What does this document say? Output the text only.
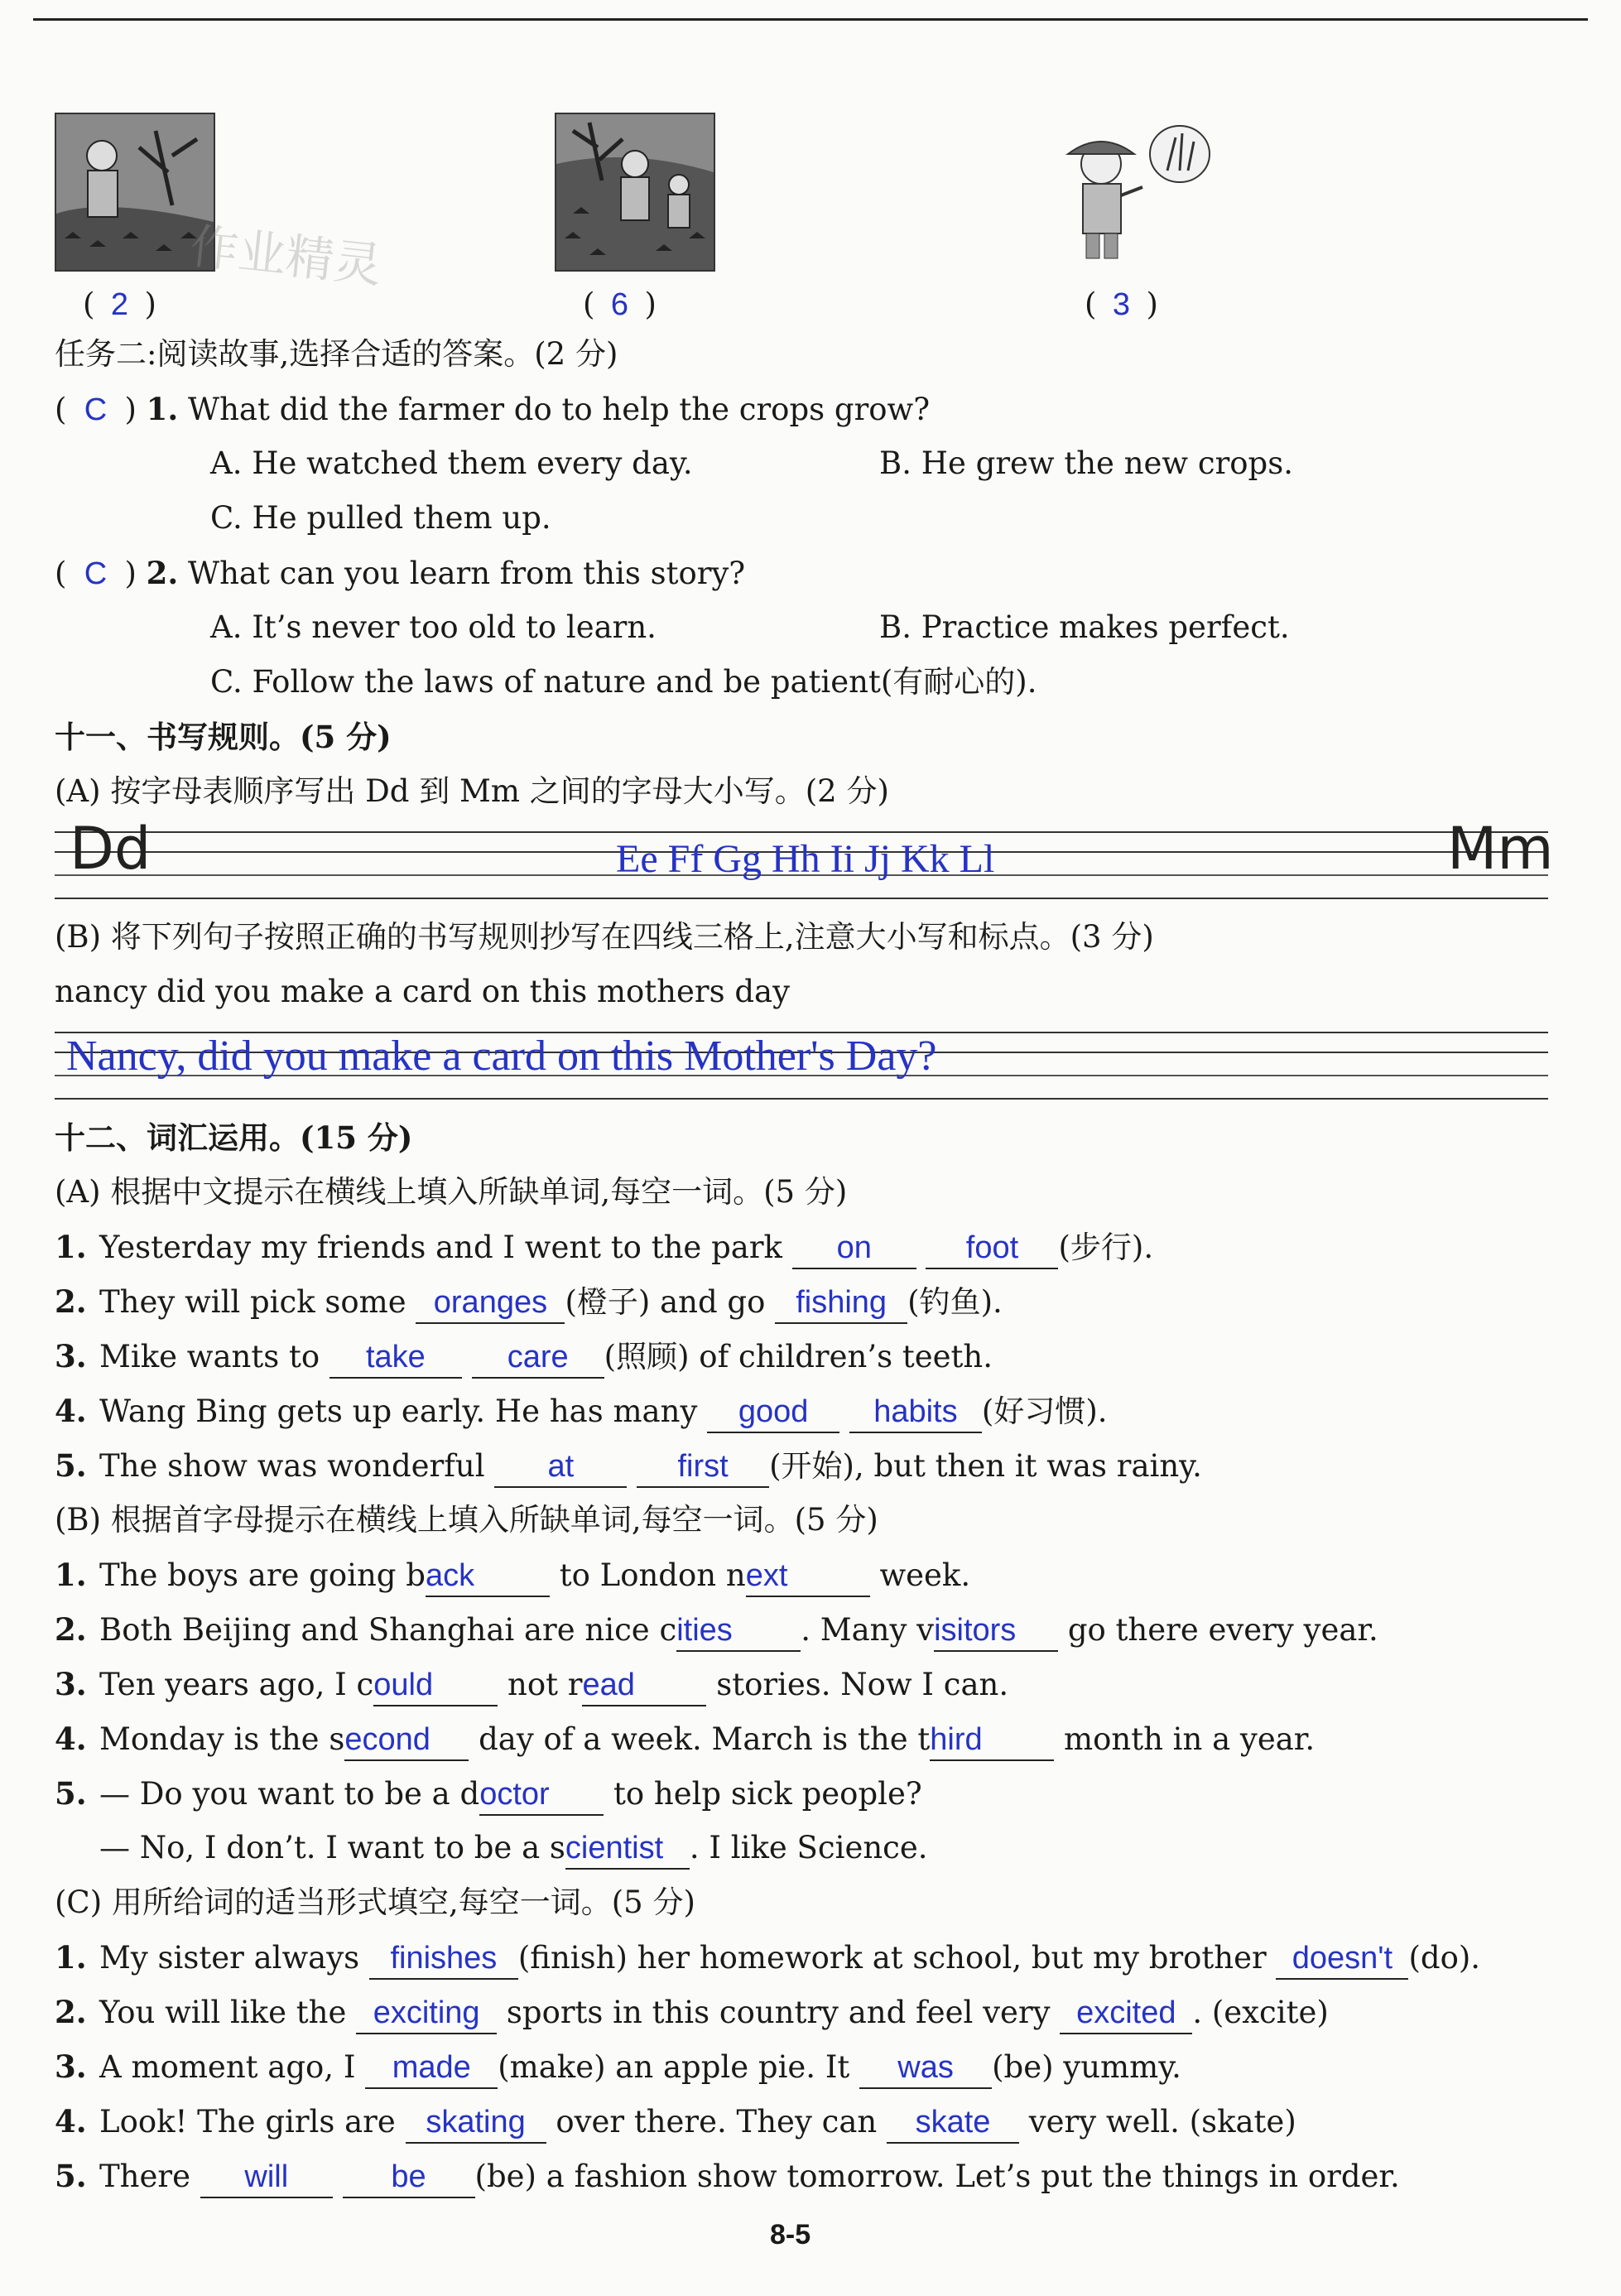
作业精灵
( 2 )	( 6 )	( 3 )
任务二:阅读故事,选择合适的答案。(2 分)
( C ) 1. What did the farmer do to help the crops grow?
A. He watched them every day.	B. He grew the new crops.
C. He pulled them up.
( C ) 2. What can you learn from this story?
A. It’s never too old to learn.	B. Practice makes perfect.
C. Follow the laws of nature and be patient(有耐心的).
十一、书写规则。(5 分)
(A) 按字母表顺序写出 Dd 到 Mm 之间的字母大小写。(2 分)
Dd	Mm
Ee Ff Gg Hh Ii Jj Kk Ll
(B) 将下列句子按照正确的书写规则抄写在四线三格上,注意大小写和标点。(3 分)
nancy did you make a card on this mothers day
Nancy, did you make a card on this Mother's Day?
十二、词汇运用。(15 分)
(A) 根据中文提示在横线上填入所缺单词,每空一词。(5 分)
1. Yesterday my friends and I went to the park on	foot (步行).
2. They will pick some oranges (橙子) and go fishing (钓鱼).
3. Mike wants to take	care (照顾) of children’s teeth.
4. Wang Bing gets up early. He has many good habits (好习惯).
5. The show was wonderful at	first (开始), but then it was rainy.
(B) 根据首字母提示在横线上填入所缺单词,每空一词。(5 分)
1. The boys are going back	to London next	week.
2. Both Beijing and Shanghai are nice cities . Many visitors go there every year.
3. Ten years ago, I could not read	stories. Now I can.
4. Monday is the second day of a week. March is the third	month in a year.
5. — Do you want to be a doctor to help sick people?
— No, I don’t. I want to be a scientist . I like Science.
(C) 用所给词的适当形式填空,每空一词。(5 分)
1. My sister always finishes (finish) her homework at school, but my brother doesn't (do).
2. You will like the exciting sports in this country and feel very excited . (excite)
3. A moment ago, I made (make) an apple pie. It was (be) yummy.
4. Look! The girls are skating over there. They can skate very well. (skate)
5. There will	be (be) a fashion show tomorrow. Let’s put the things in order.
8-5
